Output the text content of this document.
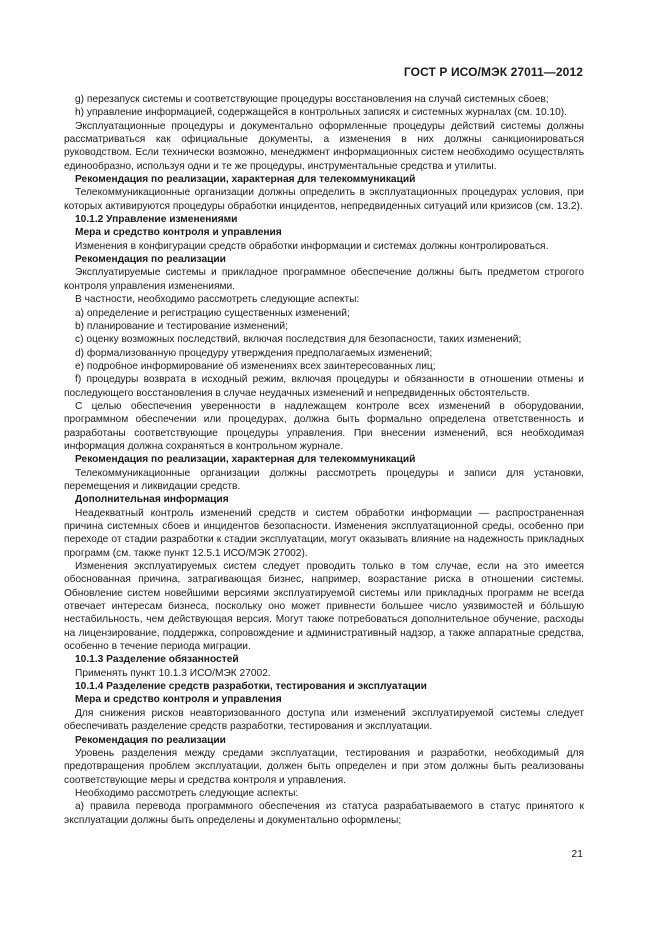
ГОСТ Р ИСО/МЭК 27011—2012

g) перезапуск системы и соответствующие процедуры восстановления на случай системных сбоев;

h) управление информацией, содержащейся в контрольных записях и системных журналах (см. 10.10).

Эксплуатационные процедуры и документально оформленные процедуры действий системы должны рассматриваться как официальные документы, а изменения в них должны санкционироваться руководством. Если технически возможно, менеджмент информационных систем необходимо осуществлять единообразно, используя одни и те же процедуры, инструментальные средства и утилиты.

Рекомендация по реализации, характерная для телекоммуникаций

Телекоммуникационные организации должны определить в эксплуатационных процедурах условия, при которых активируются процедуры обработки инцидентов, непредвиденных ситуаций или кризисов (см. 13.2).

10.1.2 Управление изменениями

Мера и средство контроля и управления

Изменения в конфигурации средств обработки информации и системах должны контролироваться.

Рекомендация по реализации

Эксплуатируемые системы и прикладное программное обеспечение должны быть предметом строгого контроля управления изменениями.

В частности, необходимо рассмотреть следующие аспекты:

a) определение и регистрацию существенных изменений;

b) планирование и тестирование изменений;

c) оценку возможных последствий, включая последствия для безопасности, таких изменений;

d) формализованную процедуру утверждения предполагаемых изменений;

e) подробное информирование об изменениях всех заинтересованных лиц;

f) процедуры возврата в исходный режим, включая процедуры и обязанности в отношении отмены и последующего восстановления в случае неудачных изменений и непредвиденных обстоятельств.

С целью обеспечения уверенности в надлежащем контроле всех изменений в оборудовании, программном обеспечении или процедурах, должна быть формально определена ответственность и разработаны соответствующие процедуры управления. При внесении изменений, вся необходимая информация должна сохраняться в контрольном журнале.

Рекомендация по реализации, характерная для телекоммуникаций

Телекоммуникационные организации должны рассмотреть процедуры и записи для установки, перемещения и ликвидации средств.

Дополнительная информация

Неадекватный контроль изменений средств и систем обработки информации — распространенная причина системных сбоев и инцидентов безопасности. Изменения эксплуатационной среды, особенно при переходе от стадии разработки к стадии эксплуатации, могут оказывать влияние на надежность прикладных программ (см. также пункт 12.5.1 ИСО/МЭК 27002).

Изменения эксплуатируемых систем следует проводить только в том случае, если на это имеется обоснованная причина, затрагивающая бизнес, например, возрастание риска в отношении системы. Обновление систем новейшими версиями эксплуатируемой системы или прикладных программ не всегда отвечает интересам бизнеса, поскольку оно может привнести большее число уязвимостей и бóльшую нестабильность, чем действующая версия. Могут также потребоваться дополнительное обучение, расходы на лицензирование, поддержка, сопровождение и административный надзор, а также аппаратные средства, особенно в течение периода миграции.

10.1.3 Разделение обязанностей

Применять пункт 10.1.3 ИСО/МЭК 27002.

10.1.4 Разделение средств разработки, тестирования и эксплуатации

Мера и средство контроля и управления

Для снижения рисков неавторизованного доступа или изменений эксплуатируемой системы следует обеспечивать разделение средств разработки, тестирования и эксплуатации.

Рекомендация по реализации

Уровень разделения между средами эксплуатации, тестирования и разработки, необходимый для предотвращения проблем эксплуатации, должен быть определен и при этом должны быть реализованы соответствующие меры и средства контроля и управления.

Необходимо рассмотреть следующие аспекты:

a) правила перевода программного обеспечения из статуса разрабатываемого в статус принятого к эксплуатации должны быть определены и документально оформлены;

21
